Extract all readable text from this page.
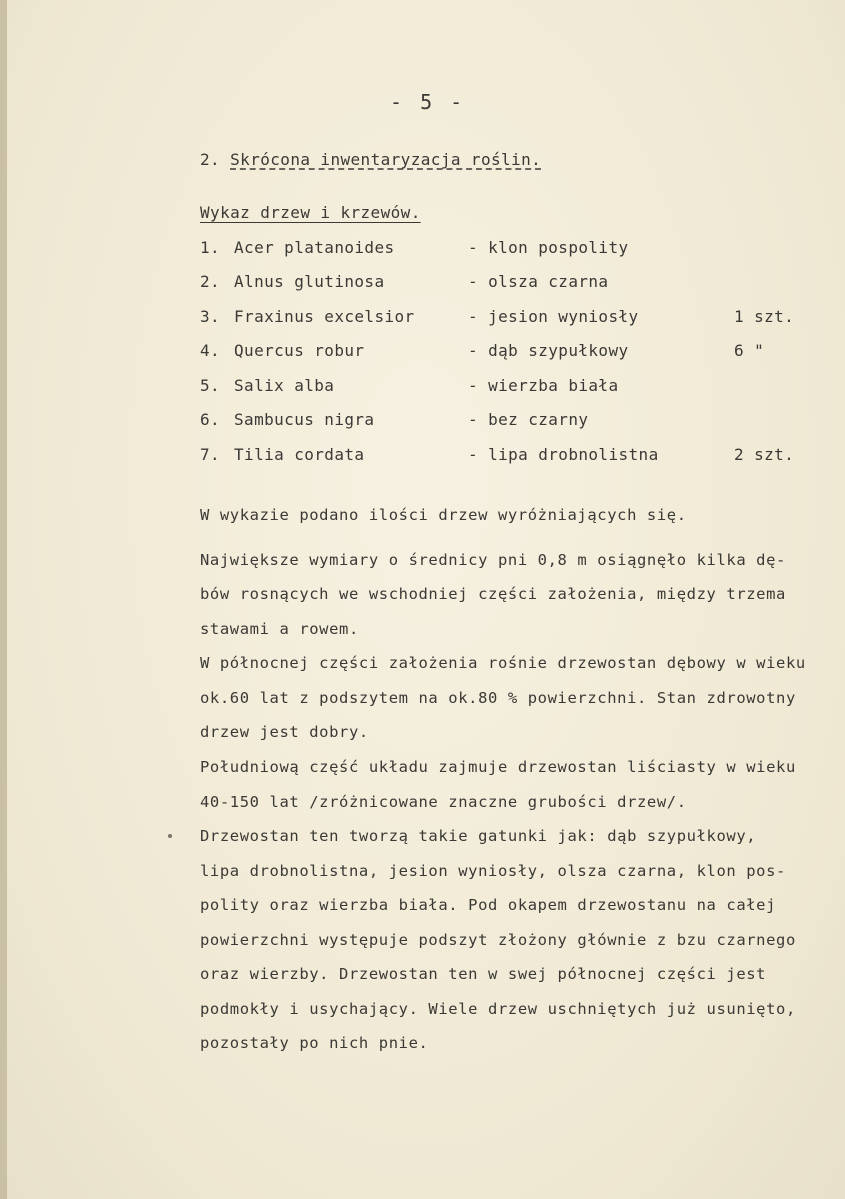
- 5 -
2. Skrócona inwentaryzacja roślin.
Wykaz drzew i krzewów.
1. Acer platanoides	- klon pospolity
2. Alnus glutinosa	- olsza czarna
3. Fraxinus excelsior	- jesion wyniosły	1 szt.
4. Quercus robur	- dąb szypułkowy	6 "
5. Salix alba	- wierzba biała
6. Sambucus nigra	- bez czarny
7. Tilia cordata	- lipa drobnolistna	2 szt.
W wykazie podano ilości drzew wyróżniających się.
Największe wymiary o średnicy pni 0,8 m osiągnęło kilka dę-
bów rosnących we wschodniej części założenia, między trzema
stawami a rowem.
W północnej części założenia rośnie drzewostan dębowy w wieku
ok.60 lat z podszytem na ok.80 % powierzchni. Stan zdrowotny
drzew jest dobry.
Południową część układu zajmuje drzewostan liściasty w wieku
40-150 lat /zróżnicowane znaczne grubości drzew/.
Drzewostan ten tworzą takie gatunki jak: dąb szypułkowy,
lipa drobnolistna, jesion wyniosły, olsza czarna, klon pos-
polity oraz wierzba biała. Pod okapem drzewostanu na całej
powierzchni występuje podszyt złożony głównie z bzu czarnego
oraz wierzby. Drzewostan ten w swej północnej części jest
podmokły i usychający. Wiele drzew uschniętych już usunięto,
pozostały po nich pnie.
